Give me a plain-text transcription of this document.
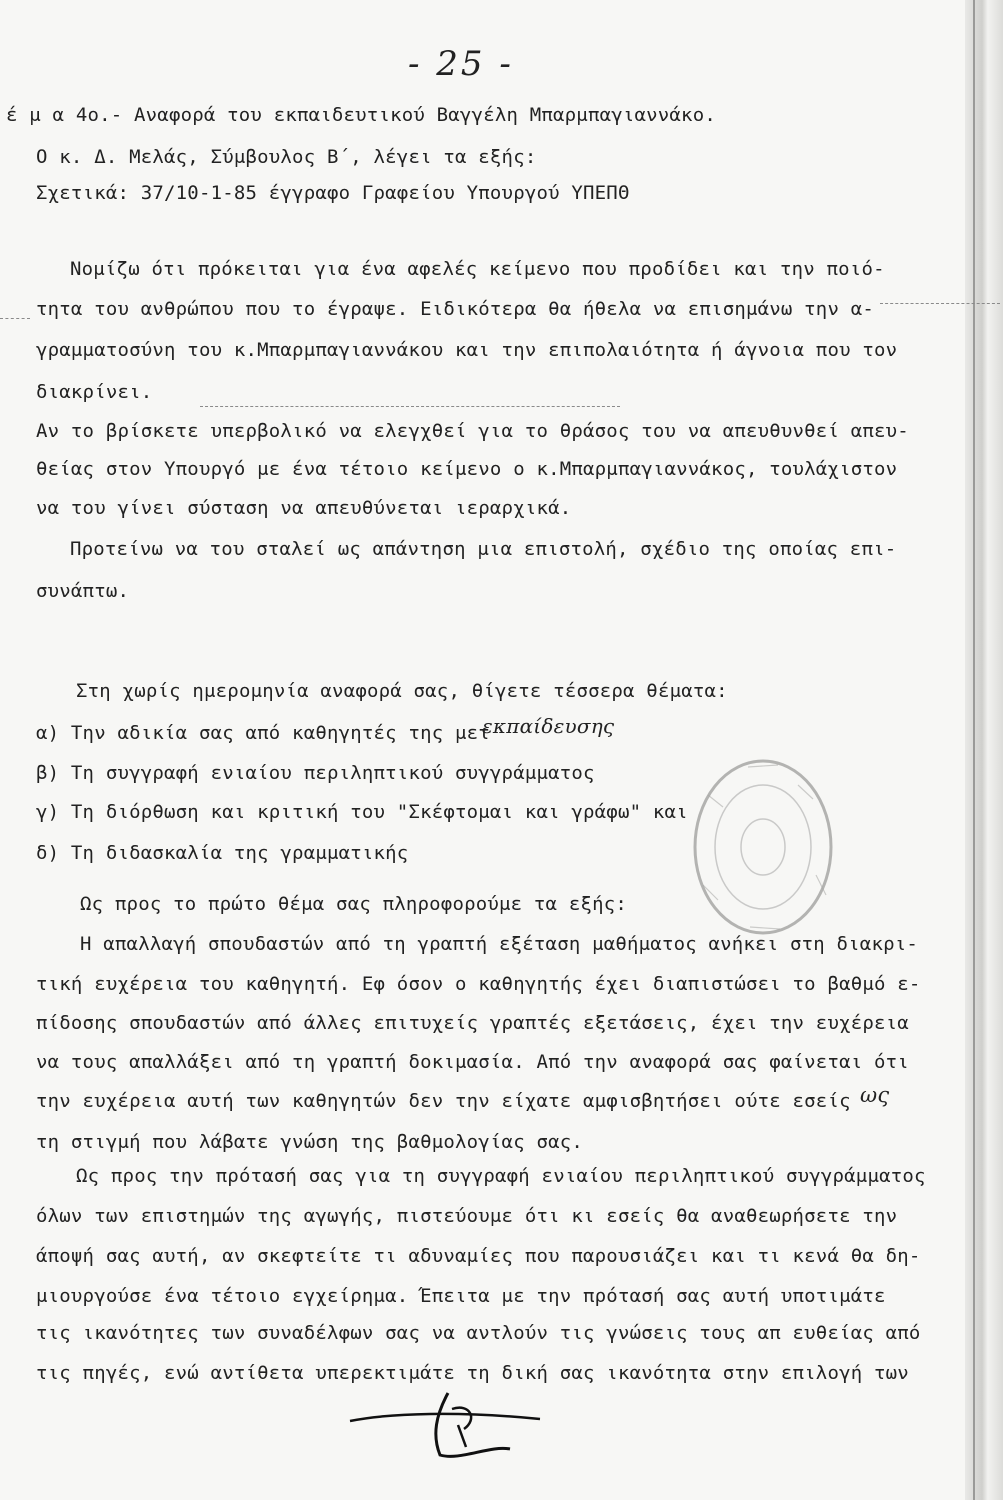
- 25 -
έ μ α 4ο.- Αναφορά του εκπαιδευτικού Βαγγέλη Μπαρμπαγιαννάκο.
Ο κ. Δ. Μελάς, Σύμβουλος Β΄, λέγει τα εξής:
Σχετικά: 37/10-1-85 έγγραφο Γραφείου Υπουργού ΥΠΕΠΘ
Νομίζω ότι πρόκειται για ένα αφελές κείμενο που προδίδει και την ποιό-
τητα του ανθρώπου που το έγραψε. Ειδικότερα θα ήθελα να επισημάνω την α-
γραμματοσύνη του κ.Μπαρμπαγιαννάκου και την επιπολαιότητα ή άγνοια που τον
διακρίνει.
Αν το βρίσκετε υπερβολικό να ελεγχθεί για το θράσος του να απευθυνθεί απευ-
θείας στον Υπουργό με ένα τέτοιο κείμενο ο κ.Μπαρμπαγιαννάκος, τουλάχιστον
να του γίνει σύσταση να απευθύνεται ιεραρχικά.
Προτείνω να του σταλεί ως απάντηση μια επιστολή, σχέδιο της οποίας επι-
συνάπτω.
Στη χωρίς ημερομηνία αναφορά σας, θίγετε τέσσερα θέματα:
α) Την αδικία σας από καθηγητές της μετ
εκπαίδευσης
β) Τη συγγραφή ενιαίου περιληπτικού συγγράμματος
γ) Τη διόρθωση και κριτική του "Σκέφτομαι και γράφω" και
δ) Τη διδασκαλία της γραμματικής
Ως προς το πρώτο θέμα σας πληροφορούμε τα εξής:
Η απαλλαγή σπουδαστών από τη γραπτή εξέταση μαθήματος ανήκει στη διακρι-
τική ευχέρεια του καθηγητή. Εφ όσον ο καθηγητής έχει διαπιστώσει το βαθμό ε-
πίδοσης σπουδαστών από άλλες επιτυχείς γραπτές εξετάσεις, έχει την ευχέρεια
να τους απαλλάξει από τη γραπτή δοκιμασία. Από την αναφορά σας φαίνεται ότι
την ευχέρεια αυτή των καθηγητών δεν την είχατε αμφισβητήσει ούτε εσείς ως
τη στιγμή που λάβατε γνώση της βαθμολογίας σας.
Ως προς την πρότασή σας για τη συγγραφή ενιαίου περιληπτικού συγγράμματος
όλων των επιστημών της αγωγής, πιστεύουμε ότι κι εσείς θα αναθεωρήσετε την
άποψή σας αυτή, αν σκεφτείτε τι αδυναμίες που παρουσιάζει και τι κενά θα δη-
μιουργούσε ένα τέτοιο εγχείρημα. Έπειτα με την πρότασή σας αυτή υποτιμάτε
τις ικανότητες των συναδέλφων σας να αντλούν τις γνώσεις τους απ ευθείας από
τις πηγές, ενώ αντίθετα υπερεκτιμάτε τη δική σας ικανότητα στην επιλογή των
